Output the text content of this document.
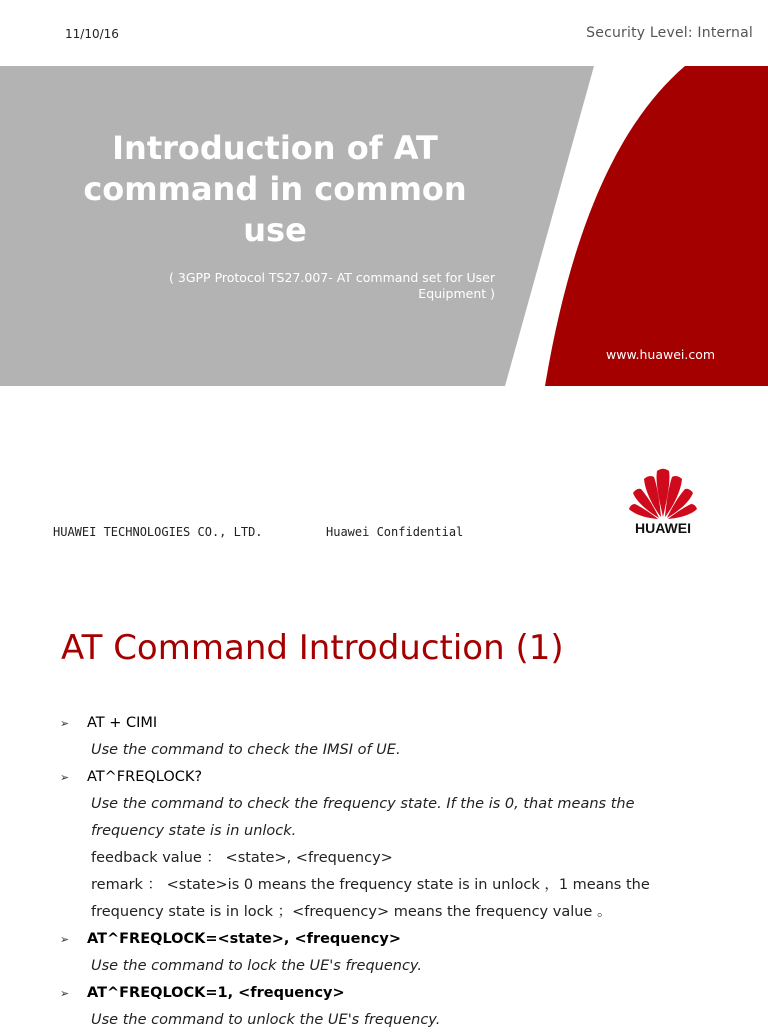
11/10/16	Security Level: Internal
Introduction of AT
command in common
use
( 3GPP Protocol TS27.007- AT command set for User
Equipment )
www.huawei.com
HUAWEI TECHNOLOGIES CO., LTD.	Huawei Confidential	HUAWEI
AT Command Introduction (1)
➢ AT + CIMI
Use the command to check the IMSI of UE.
➢ AT^FREQLOCK?
Use the command to check the frequency state. If the is 0, that means the
frequency state is in unlock.
feedback value ： <state>, <frequency>
remark ： <state>is 0 means the frequency state is in unlock ，1 means the
frequency state is in lock ；<frequency> means the frequency value 。
➢ AT^FREQLOCK=<state>, <frequency>
Use the command to lock the UE's frequency.
➢ AT^FREQLOCK=1, <frequency>
Use the command to unlock the UE's frequency.
